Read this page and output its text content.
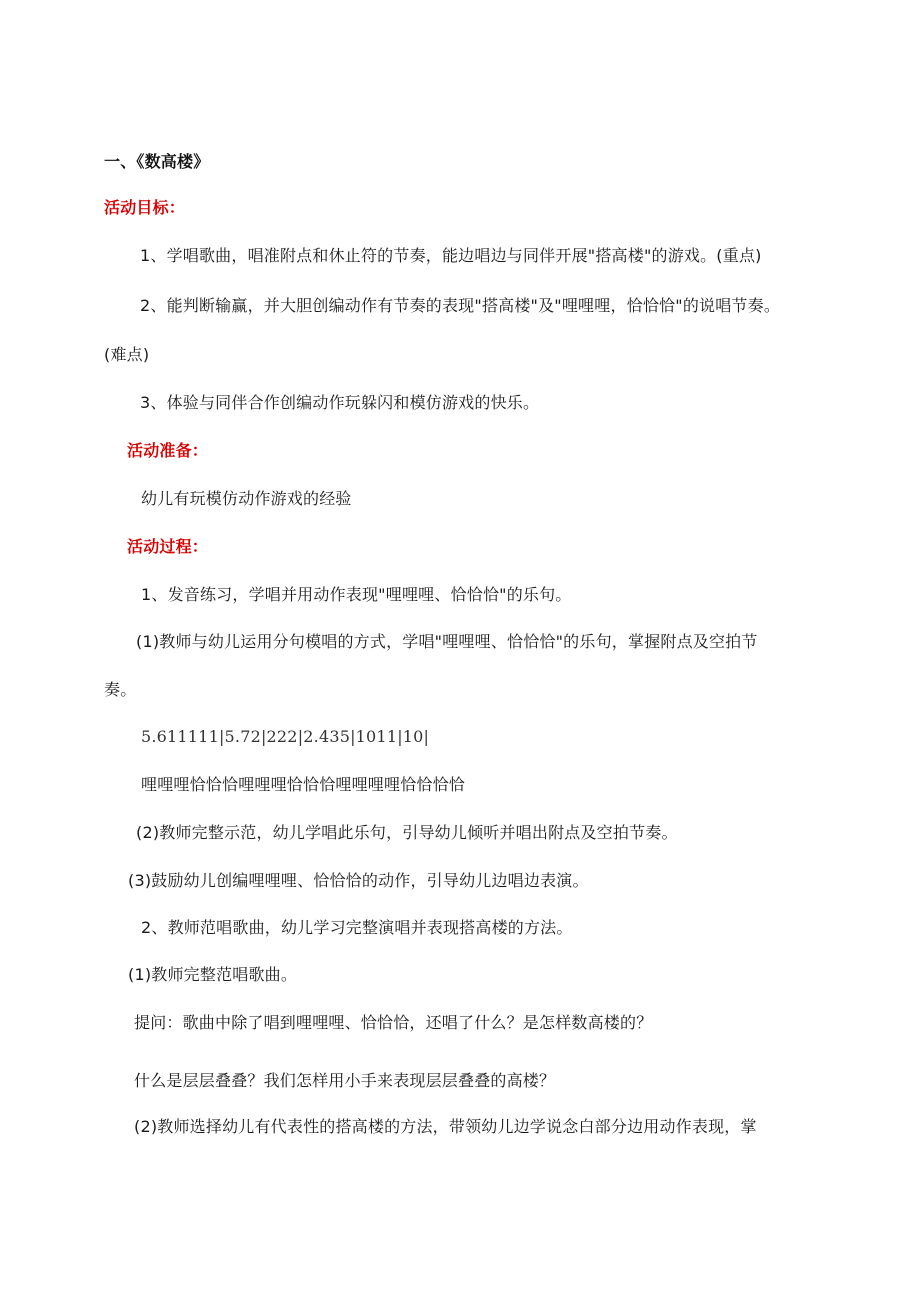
一、《数高楼》
活动目标：
1、学唱歌曲，唱准附点和休止符的节奏，能边唱边与同伴开展"搭高楼"的游戏。(重点)
2、能判断输赢，并大胆创编动作有节奏的表现"搭高楼"及"哩哩哩，恰恰恰"的说唱节奏。
(难点)
3、体验与同伴合作创编动作玩躲闪和模仿游戏的快乐。
活动准备：
幼儿有玩模仿动作游戏的经验
活动过程：
1、发音练习，学唱并用动作表现"哩哩哩、恰恰恰"的乐句。
(1)教师与幼儿运用分句模唱的方式，学唱"哩哩哩、恰恰恰"的乐句，掌握附点及空拍节
奏。
5.611111|5.72|222|2.435|1011|10|
哩哩哩恰恰恰哩哩哩恰恰恰哩哩哩哩恰恰恰恰
(2)教师完整示范，幼儿学唱此乐句，引导幼儿倾听并唱出附点及空拍节奏。
(3)鼓励幼儿创编哩哩哩、恰恰恰的动作，引导幼儿边唱边表演。
2、教师范唱歌曲，幼儿学习完整演唱并表现搭高楼的方法。
(1)教师完整范唱歌曲。
提问：歌曲中除了唱到哩哩哩、恰恰恰，还唱了什么？是怎样数高楼的？
什么是层层叠叠？我们怎样用小手来表现层层叠叠的高楼？
(2)教师选择幼儿有代表性的搭高楼的方法，带领幼儿边学说念白部分边用动作表现，掌
